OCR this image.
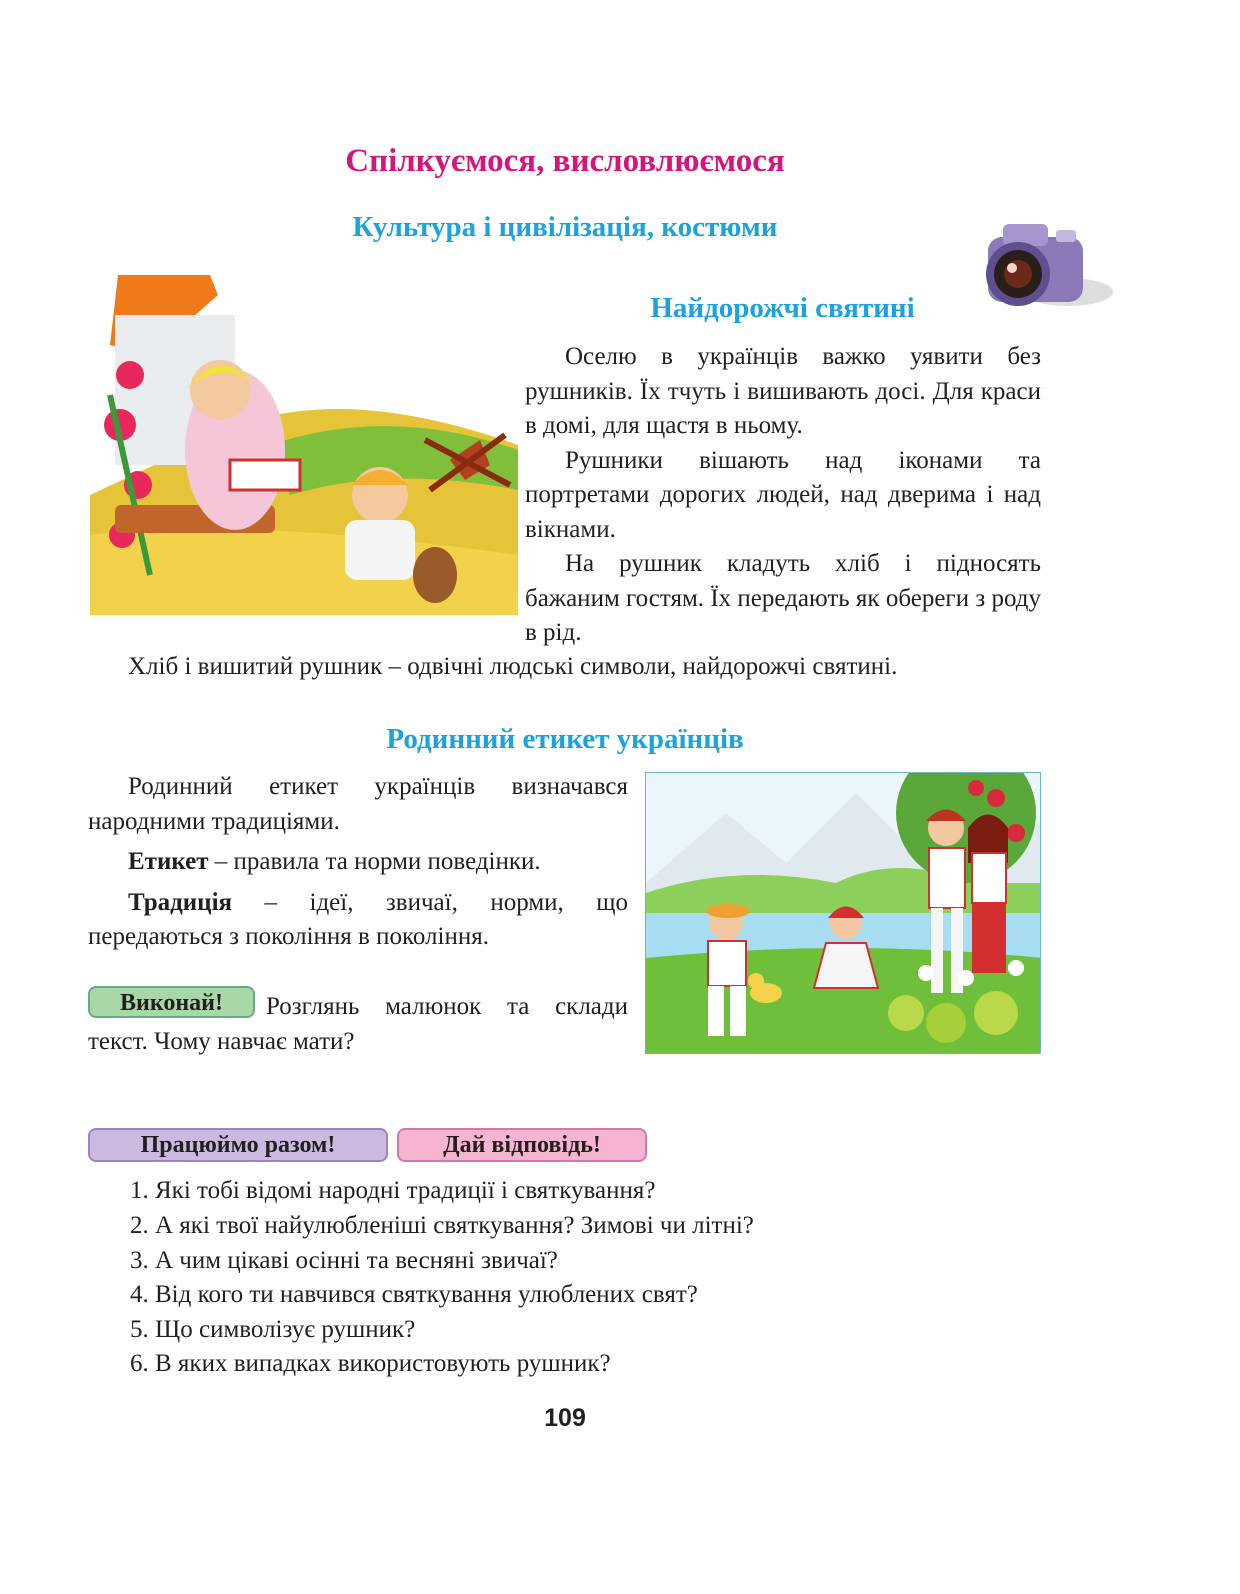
Спілкуємося, висловлюємося
Культура і цивілізація, костюми
Найдорожчі святині

Оселю в українців важко уявити без рушників. Їх тчуть і вишивають досі. Для краси в домі, для щастя в ньому.

Рушники вішають над іконами та портретами дорогих людей, над дверима і над вікнами.

На рушник кладуть хліб і підносять бажаним гостям. Їх передають як обереги з роду в рід.

Хліб і вишитий рушник – одвічні людські символи, найдорожчі святині.

Родинний етикет українців

Родинний етикет українців визначався народними традиціями.

Етикет – правила та норми поведінки.

Традиція – ідеї, звичаї, норми, що передаються з покоління в покоління.

Виконай!	Розглянь малюнок та склади текст. Чому навчає мати?

Працюймо разом!	Дай відповідь!
1. Які тобі відомі народні традиції і святкування?
2. А які твої найулюбленіші святкування? Зимові чи літні?
3. А чим цікаві осінні та весняні звичаї?
4. Від кого ти навчився святкування улюблених свят?
5. Що символізує рушник?
6. В яких випадках використовують рушник?
109
